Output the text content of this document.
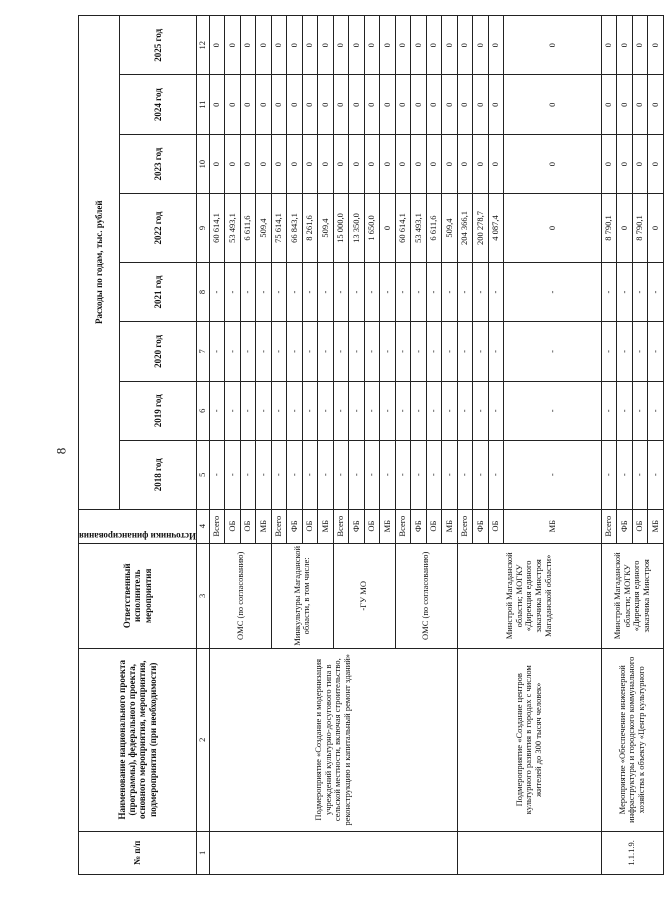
8
№ п/п	Наименование национального проекта (программы), федерального проекта, основного мероприятия, мероприятия, подмероприятия (при необходимости)	Ответственный исполнитель мероприятия	Источники финансирования	Расходы по годам, тыс. рублей							
				2018 год	2019 год	2020 год	2021 год	2022 год	2023 год	2024 год	2025 год
1	2	3	4	5	6	7	8	9	10	11	12
	Подмероприятие «Создание и модернизация учреждений культурно-досугового типа в сельской местности, включая строительство, реконструкцию и капитальный ремонт зданий»	ОМС (по согласованию)	Всего	-	-	-	-	60 614,1	0	0	0
			ОБ	-	-	-	-	53 493,1	0	0	0
			ОБ	-	-	-	-	6 611,6	0	0	0
			МБ	-	-	-	-	509,4	0	0	0
		Минкультуры Магаданской области, в том числе:	Всего	-	-	-	-	75 614,1	0	0	0
			ФБ	-	-	-	-	66 843,1	0	0	0
			ОБ	-	-	-	-	8 261,6	0	0	0
			МБ	-	-	-	-	509,4	0	0	0
		-ГУ МО	Всего	-	-	-	-	15 000,0	0	0	0
			ФБ	-	-	-	-	13 350,0	0	0	0
			ОБ	-	-	-	-	1 650,0	0	0	0
			МБ	-	-	-	-	0	0	0	0
		ОМС (по согласованию)	Всего	-	-	-	-	60 614,1	0	0	0
			ФБ	-	-	-	-	53 493,1	0	0	0
			ОБ	-	-	-	-	6 611,6	0	0	0
			МБ	-	-	-	-	509,4	0	0	0
	Подмероприятие «Создание центров культурного развития в городах с числом жителей до 300 тысяч человек»	Минстрой Магаданской области; МОГКУ «Дирекция единого заказчика Минстроя Магаданской области»	Всего	-	-	-	-	204 366,1	0	0	0
			ФБ	-	-	-	-	200 278,7	0	0	0
			ОБ	-	-	-	-	4 087,4	0	0	0
			МБ	-	-	-	-	0	0	0	0
1.1.1.9.	Мероприятие «Обеспечение инженерной инфраструктуры и городского коммунального хозяйства к объекту «Центр культурного	Минстрой Магаданской области; МОГКУ «Дирекция единого заказчика Минстроя	Всего	-	-	-	-	8 790,1	0	0	0
			ФБ	-	-	-	-	0	0	0	0
			ОБ	-	-	-	-	8 790,1	0	0	0
			МБ	-	-	-	-	0	0	0	0
